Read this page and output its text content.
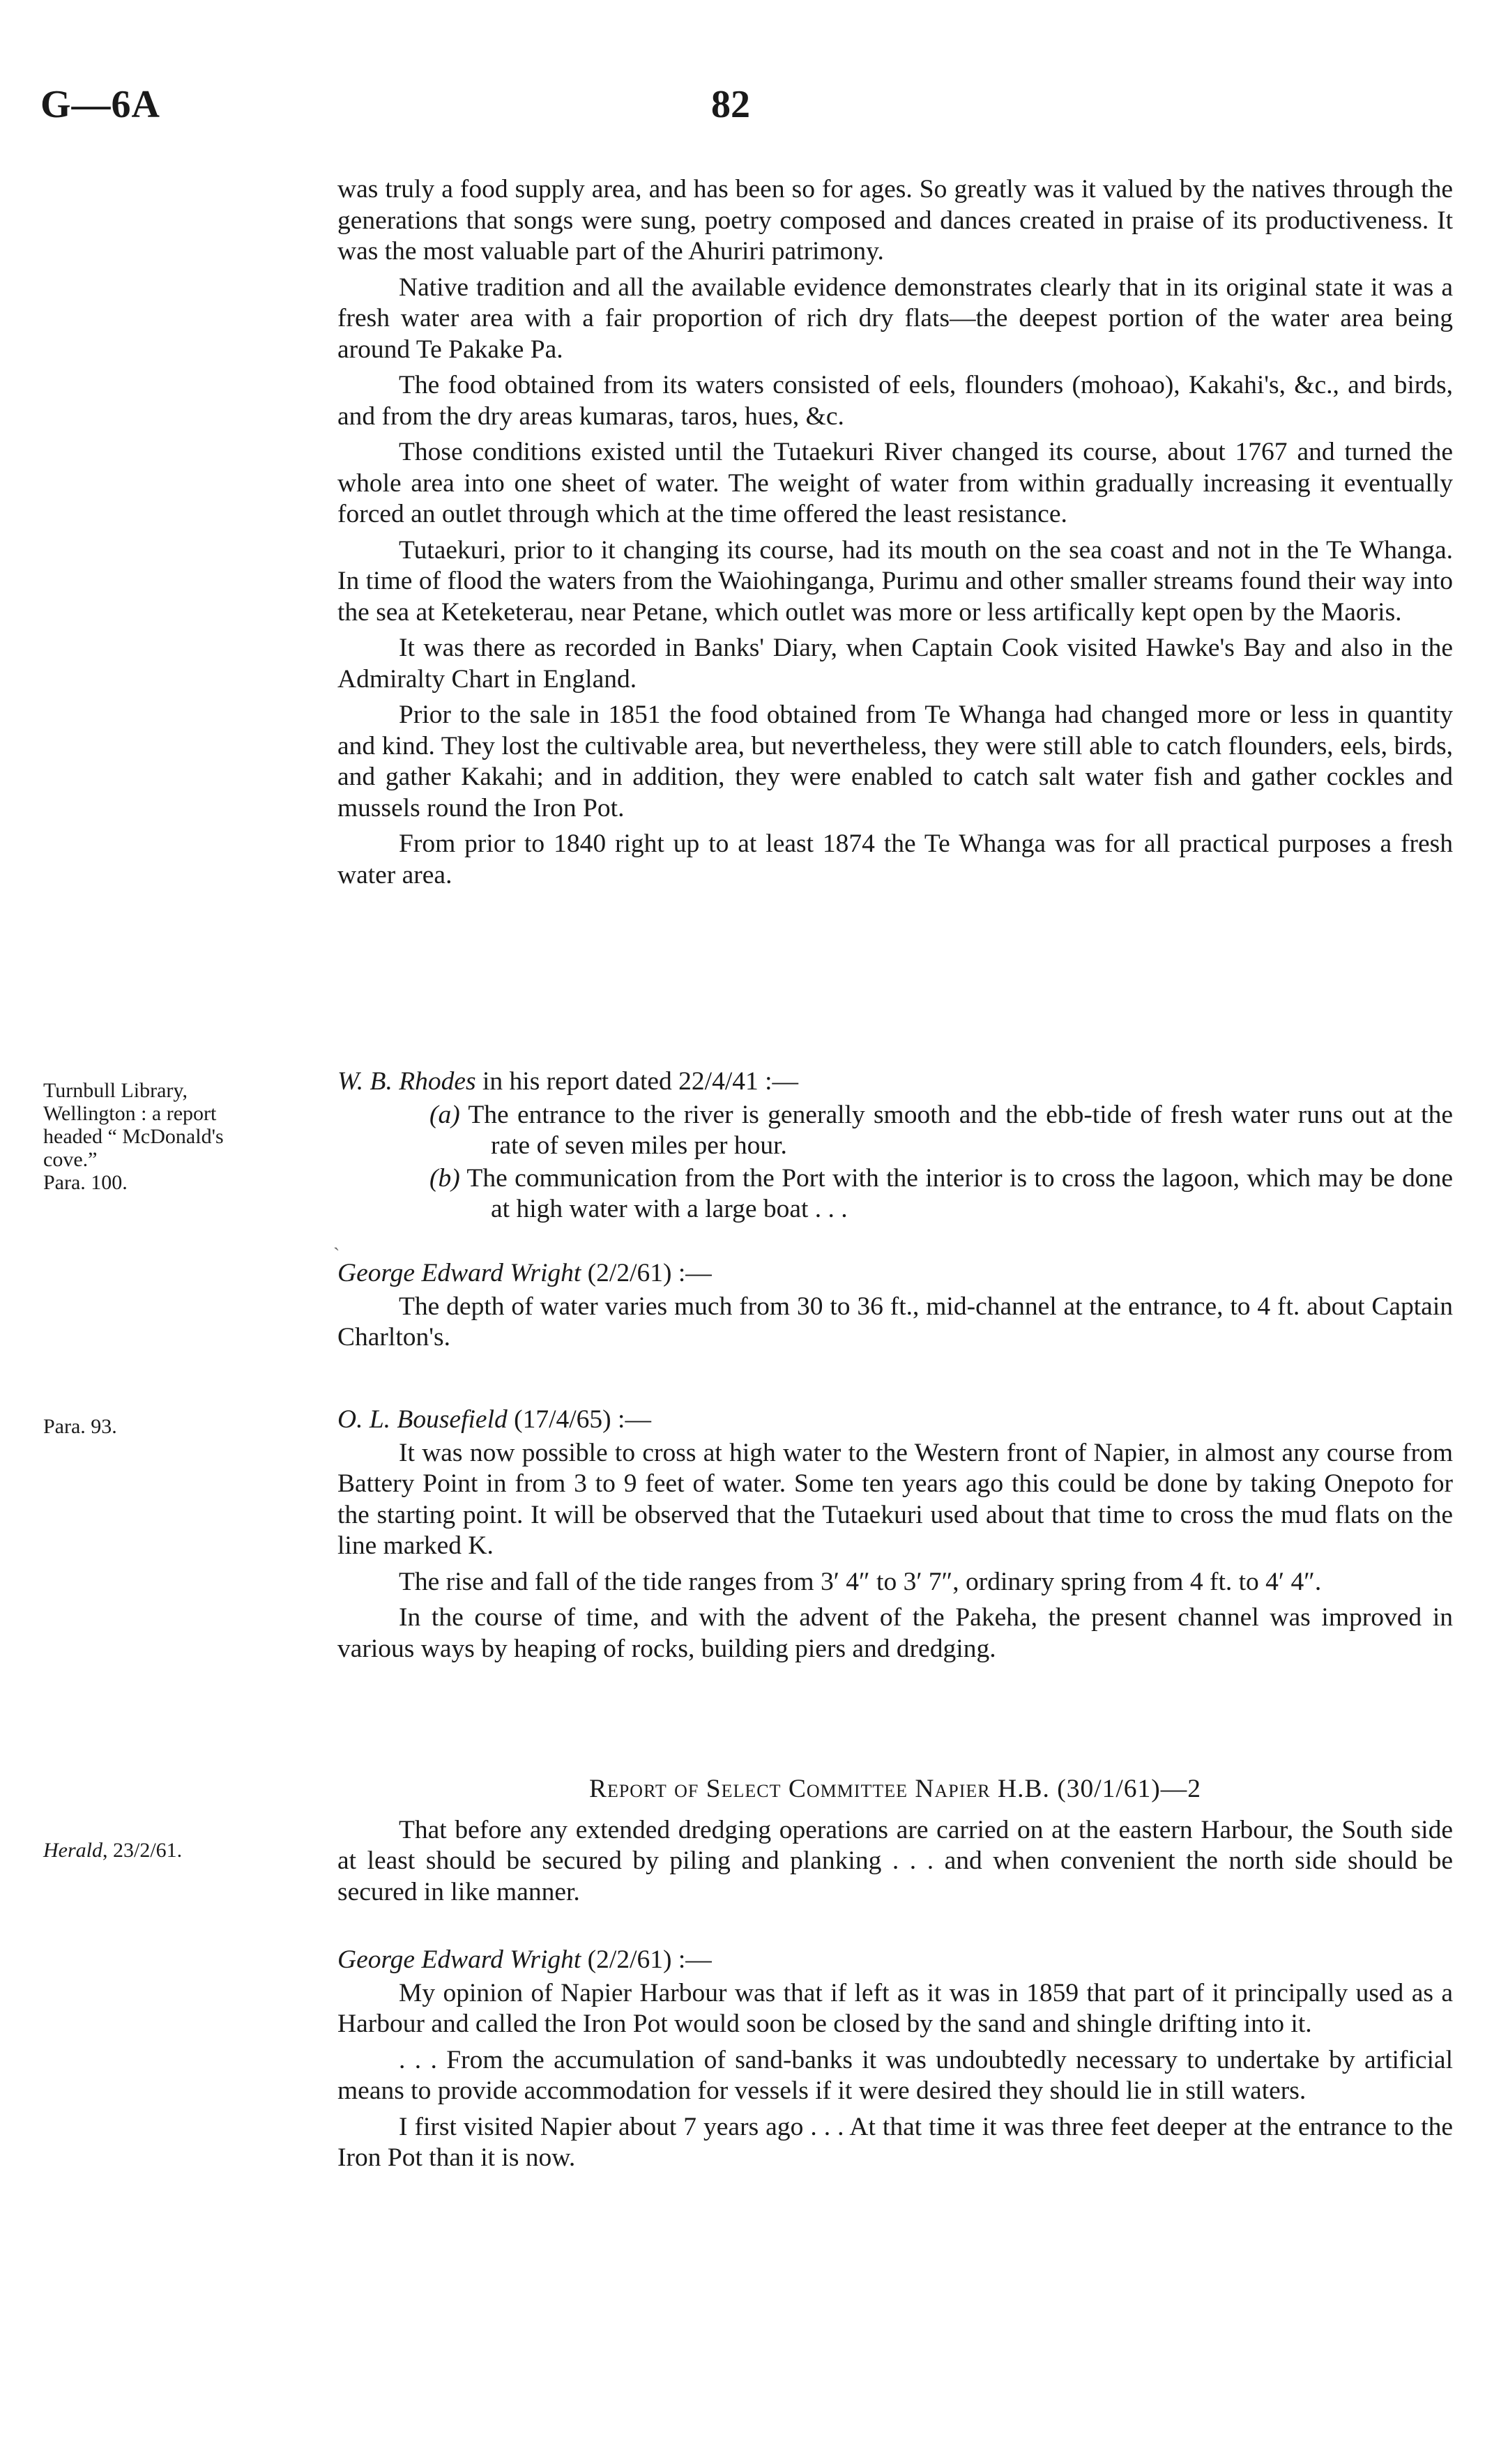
G—6A	82

was truly a food supply area, and has been so for ages. So greatly was it valued by the natives through the generations that songs were sung, poetry composed and dances created in praise of its productiveness. It was the most valuable part of the Ahuriri patrimony.

Native tradition and all the available evidence demonstrates clearly that in its original state it was a fresh water area with a fair proportion of rich dry flats—the deepest portion of the water area being around Te Pakake Pa.

The food obtained from its waters consisted of eels, flounders (mohoao), Kakahi's, &c., and birds, and from the dry areas kumaras, taros, hues, &c.

Those conditions existed until the Tutaekuri River changed its course, about 1767 and turned the whole area into one sheet of water. The weight of water from within gradually increasing it eventually forced an outlet through which at the time offered the least resistance.

Tutaekuri, prior to it changing its course, had its mouth on the sea coast and not in the Te Whanga. In time of flood the waters from the Waiohinganga, Purimu and other smaller streams found their way into the sea at Keteketerau, near Petane, which outlet was more or less artifically kept open by the Maoris.

It was there as recorded in Banks' Diary, when Captain Cook visited Hawke's Bay and also in the Admiralty Chart in England.

Prior to the sale in 1851 the food obtained from Te Whanga had changed more or less in quantity and kind. They lost the cultivable area, but nevertheless, they were still able to catch flounders, eels, birds, and gather Kakahi; and in addition, they were enabled to catch salt water fish and gather cockles and mussels round the Iron Pot.

From prior to 1840 right up to at least 1874 the Te Whanga was for all practical purposes a fresh water area.

W. B. Rhodes in his report dated 22/4/41 :—
(a) The entrance to the river is generally smooth and the ebb-tide of fresh water runs out at the rate of seven miles per hour.
(b) The communication from the Port with the interior is to cross the lagoon, which may be done at high water with a large boat . . .
George Edward Wright (2/2/61) :—

The depth of water varies much from 30 to 36 ft., mid-channel at the entrance, to 4 ft. about Captain Charlton's.

O. L. Bousefield (17/4/65) :—

It was now possible to cross at high water to the Western front of Napier, in almost any course from Battery Point in from 3 to 9 feet of water. Some ten years ago this could be done by taking Onepoto for the starting point. It will be observed that the Tutaekuri used about that time to cross the mud flats on the line marked K.

The rise and fall of the tide ranges from 3′ 4″ to 3′ 7″, ordinary spring from 4 ft. to 4′ 4″.

In the course of time, and with the advent of the Pakeha, the present channel was improved in various ways by heaping of rocks, building piers and dredging.

Report of Select Committee Napier H.B. (30/1/61)—2

That before any extended dredging operations are carried on at the eastern Harbour, the South side at least should be secured by piling and planking . . . and when convenient the north side should be secured in like manner.

George Edward Wright (2/2/61) :—

My opinion of Napier Harbour was that if left as it was in 1859 that part of it principally used as a Harbour and called the Iron Pot would soon be closed by the sand and shingle drifting into it.

. . . From the accumulation of sand-banks it was undoubtedly necessary to undertake by artificial means to provide accommodation for vessels if it were desired they should lie in still waters.

I first visited Napier about 7 years ago . . . At that time it was three feet deeper at the entrance to the Iron Pot than it is now.

Turnbull Library,
Wellington : a report
headed “ McDonald's
cove.”
Para. 100.
Para. 93.
Herald, 23/2/61.
ˎ
